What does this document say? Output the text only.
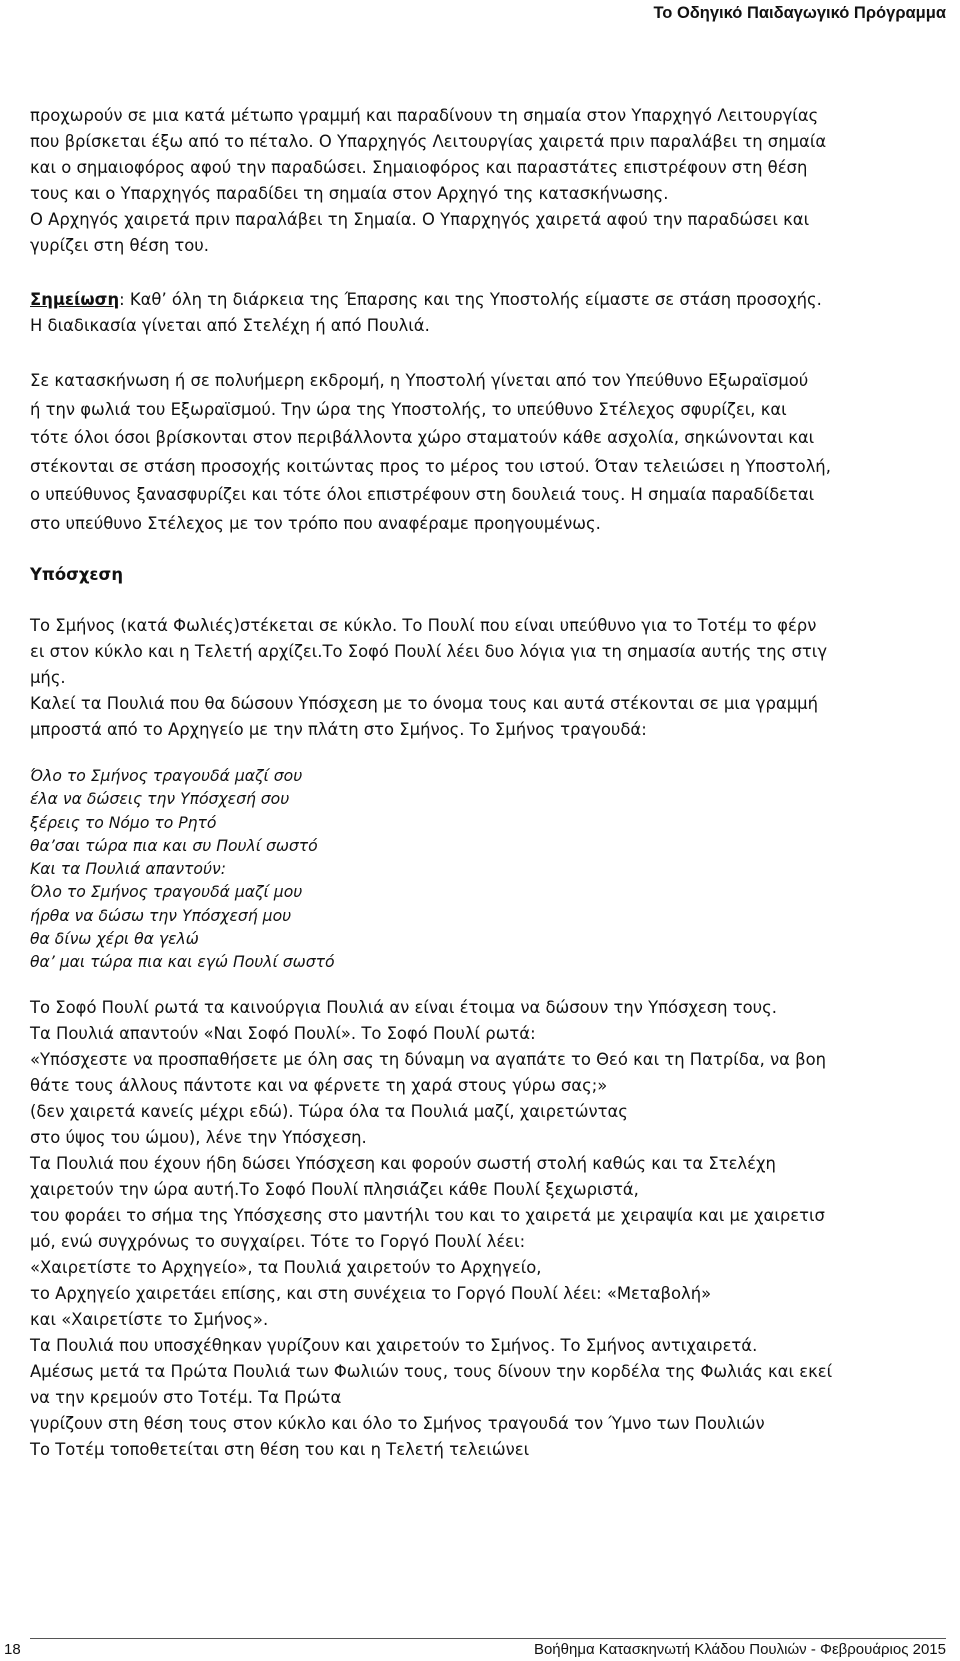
Το Οδηγικό Παιδαγωγικό Πρόγραμμα
προχωρούν σε μια κατά μέτωπο γραμμή και παραδίνουν τη σημαία στον Υπαρχηγό Λειτουργίας
που βρίσκεται έξω από το πέταλο. Ο Υπαρχηγός Λειτουργίας χαιρετά πριν παραλάβει τη σημαία
και ο σημαιοφόρος αφού την παραδώσει. Σημαιοφόρος και παραστάτες επιστρέφουν στη θέση
τους και ο Υπαρχηγός παραδίδει τη σημαία στον Αρχηγό της κατασκήνωσης.
Ο Αρχηγός χαιρετά πριν παραλάβει τη Σημαία. Ο Υπαρχηγός χαιρετά αφού την παραδώσει και
γυρίζει στη θέση του.
Σημείωση: Καθ’ όλη τη διάρκεια της Έπαρσης και της Υποστολής είμαστε σε στάση προσοχής.
Η διαδικασία γίνεται από Στελέχη ή από Πουλιά.
Σε κατασκήνωση ή σε πολυήμερη εκδρομή, η Υποστολή γίνεται από τον Υπεύθυνο Εξωραϊσμού
ή την φωλιά του Εξωραϊσμού. Την ώρα της Υποστολής, το υπεύθυνο Στέλεχος σφυρίζει, και
τότε όλοι όσοι βρίσκονται στον περιβάλλοντα χώρο σταματούν κάθε ασχολία, σηκώνονται και
στέκονται σε στάση προσοχής κοιτώντας προς το μέρος του ιστού. Όταν τελειώσει η Υποστολή,
ο υπεύθυνος ξανασφυρίζει και τότε όλοι επιστρέφουν στη δουλειά τους. Η σημαία παραδίδεται
στο υπεύθυνο Στέλεχος με τον τρόπο που αναφέραμε προηγουμένως.
Υπόσχεση
Το Σμήνος (κατά Φωλιές)στέκεται σε κύκλο. Το Πουλί που είναι υπεύθυνο για το Τοτέμ το φέρν
ει στον κύκλο και η Τελετή αρχίζει.Το Σοφό Πουλί λέει δυο λόγια για τη σημασία αυτής της στιγ
μής.
Καλεί τα Πουλιά που θα δώσουν Υπόσχεση με το όνομα τους και αυτά στέκονται σε μια γραμμή
μπροστά από το Αρχηγείο με την πλάτη στο Σμήνος. Το Σμήνος τραγουδά:
Όλο το Σμήνος τραγουδά μαζί σου
έλα να δώσεις την Υπόσχεσή σου
ξέρεις το Νόμο το Ρητό
θα’σαι τώρα πια και συ Πουλί σωστό
Και τα Πουλιά απαντούν:
Όλο το Σμήνος τραγουδά μαζί μου
ήρθα να δώσω την Υπόσχεσή μου
θα δίνω χέρι θα γελώ
θα’ μαι τώρα πια και εγώ Πουλί σωστό
Το Σοφό Πουλί ρωτά τα καινούργια Πουλιά αν είναι έτοιμα να δώσουν την Υπόσχεση τους.
Τα Πουλιά απαντούν «Ναι Σοφό Πουλί». Το Σοφό Πουλί ρωτά:
«Υπόσχεστε να προσπαθήσετε με όλη σας τη δύναμη να αγαπάτε το Θεό και τη Πατρίδα, να βοη
θάτε τους άλλους πάντοτε και να φέρνετε τη χαρά στους γύρω σας;»
(δεν χαιρετά κανείς μέχρι εδώ). Τώρα όλα τα Πουλιά μαζί, χαιρετώντας
στο ύψος του ώμου), λένε την Υπόσχεση.
Τα Πουλιά που έχουν ήδη δώσει Υπόσχεση και φορούν σωστή στολή καθώς και τα Στελέχη
χαιρετούν την ώρα αυτή.Το Σοφό Πουλί πλησιάζει κάθε Πουλί ξεχωριστά,
του φοράει το σήμα της Υπόσχεσης στο μαντήλι του και το χαιρετά με χειραψία και με χαιρετισ
μό, ενώ συγχρόνως το συγχαίρει. Τότε το Γοργό Πουλί λέει:
«Χαιρετίστε το Αρχηγείο», τα Πουλιά χαιρετούν το Αρχηγείο,
το Αρχηγείο χαιρετάει επίσης, και στη συνέχεια το Γοργό Πουλί λέει: «Μεταβολή»
και «Χαιρετίστε το Σμήνος».
Τα Πουλιά που υποσχέθηκαν γυρίζουν και χαιρετούν το Σμήνος. Το Σμήνος αντιχαιρετά.
Αμέσως μετά τα Πρώτα Πουλιά των Φωλιών τους, τους δίνουν την κορδέλα της Φωλιάς και εκεί
να την κρεμούν στο Τοτέμ. Τα Πρώτα
γυρίζουν στη θέση τους στον κύκλο και όλο το Σμήνος τραγουδά τον Ύμνο των Πουλιών
Το Τοτέμ τοποθετείται στη θέση του και η Τελετή τελειώνει
18	Βοήθημα Κατασκηνωτή Κλάδου Πουλιών - Φεβρουάριος 2015
